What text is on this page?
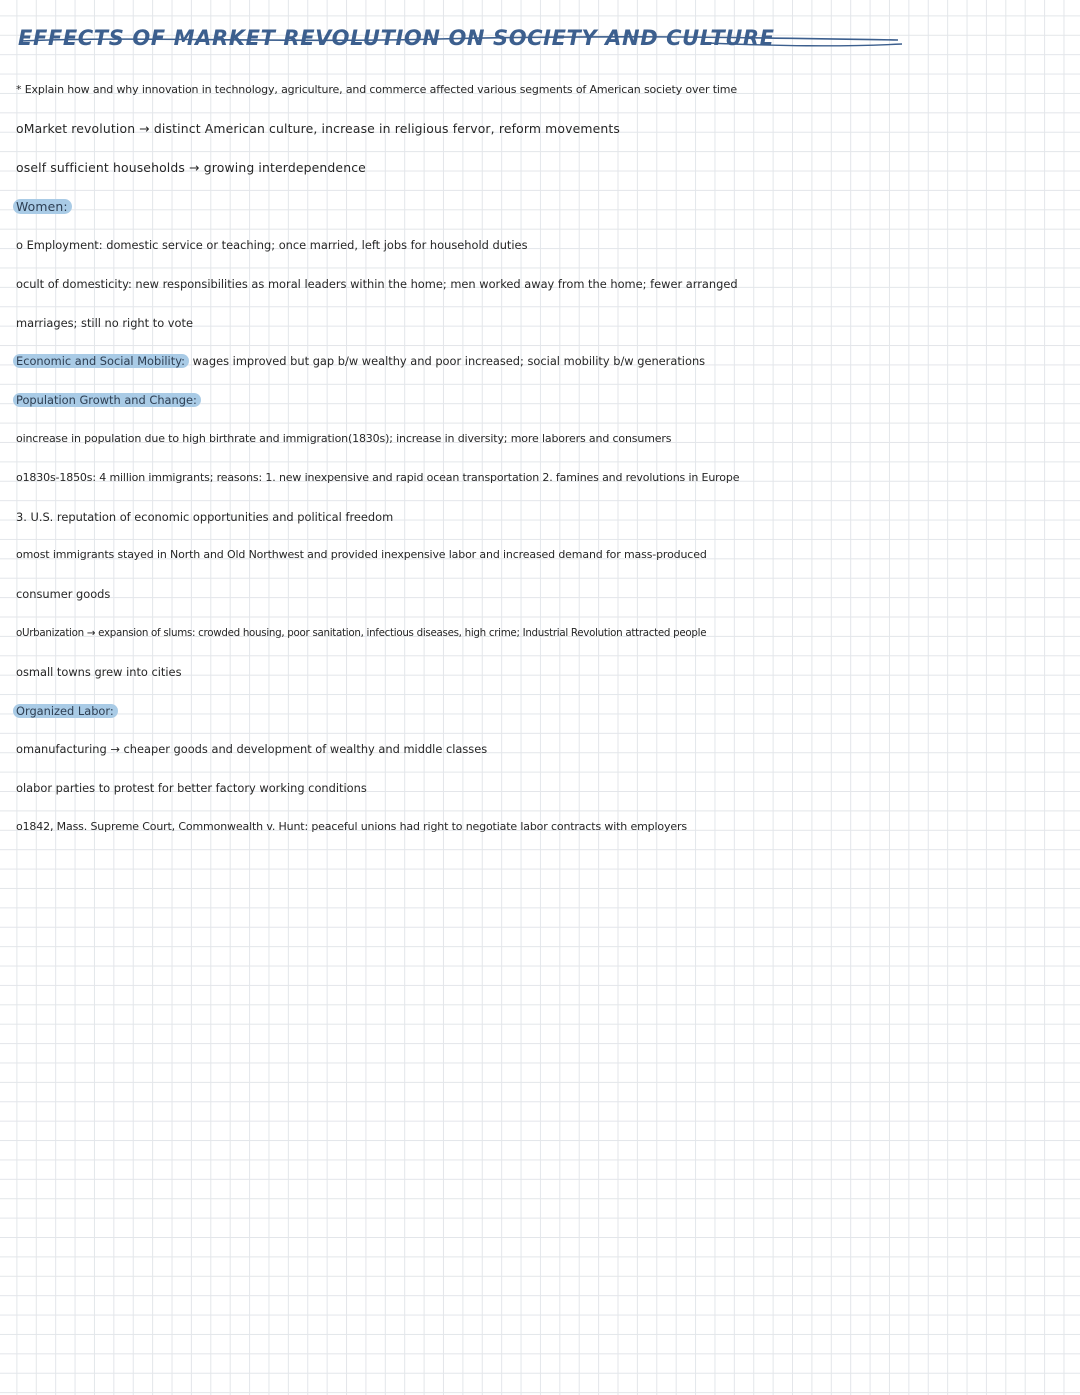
EFFECTS OF MARKET REVOLUTION ON SOCIETY AND CULTURE
* Explain how and why innovation in technology, agriculture, and commerce affected various segments of American society over time
oMarket revolution → distinct American culture, increase in religious fervor, reform movements
oself sufficient households → growing interdependence
Women:
o Employment: domestic service or teaching; once married, left jobs for household duties
ocult of domesticity: new responsibilities as moral leaders within the home; men worked away from the home; fewer arranged
marriages; still no right to vote
Economic and Social Mobility: wages improved but gap b/w wealthy and poor increased; social mobility b/w generations
Population Growth and Change:
oincrease in population due to high birthrate and immigration(1830s); increase in diversity; more laborers and consumers
o1830s-1850s: 4 million immigrants; reasons: 1. new inexpensive and rapid ocean transportation 2. famines and revolutions in Europe
3. U.S. reputation of economic opportunities and political freedom
omost immigrants stayed in North and Old Northwest and provided inexpensive labor and increased demand for mass-produced
consumer goods
oUrbanization → expansion of slums: crowded housing, poor sanitation, infectious diseases, high crime; Industrial Revolution attracted people
osmall towns grew into cities
Organized Labor:
omanufacturing → cheaper goods and development of wealthy and middle classes
olabor parties to protest for better factory working conditions
o1842, Mass. Supreme Court, Commonwealth v. Hunt: peaceful unions had right to negotiate labor contracts with employers
